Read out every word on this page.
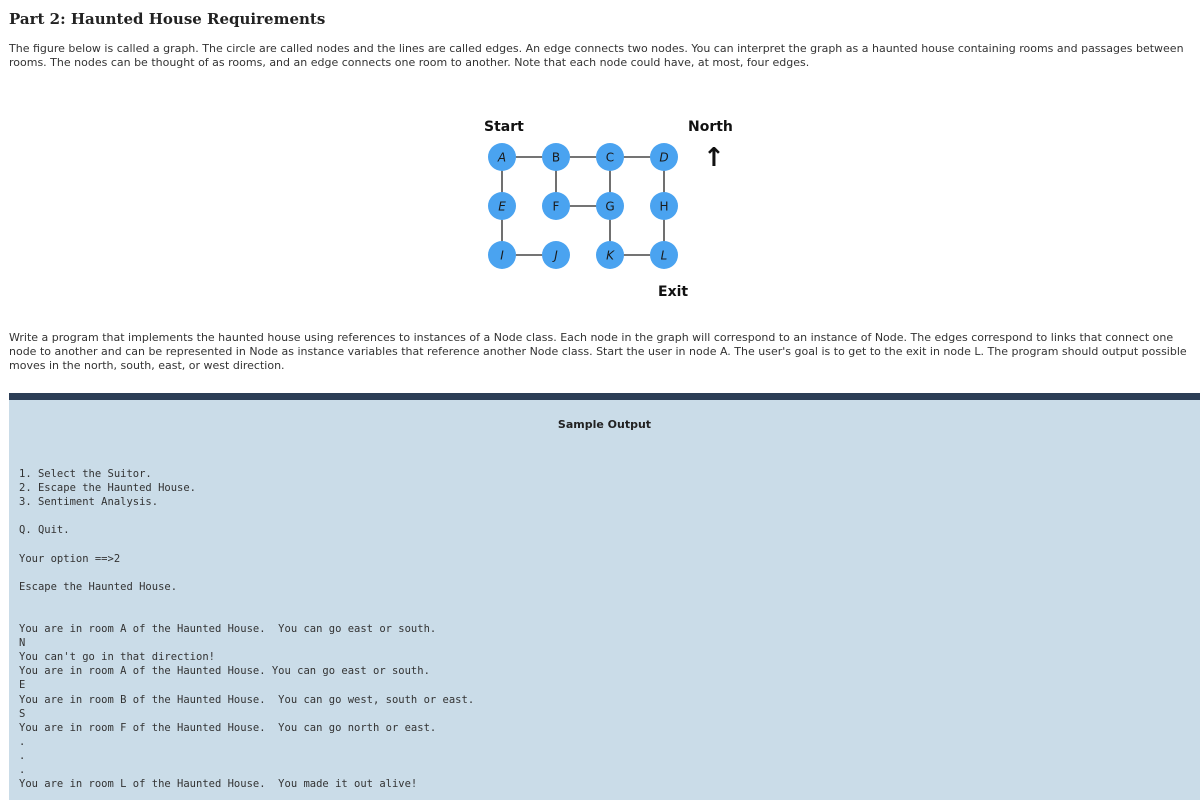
Part 2: Haunted House Requirements

The figure below is called a graph. The circle are called nodes and the lines are called edges. An edge connects two nodes. You can interpret the graph as a haunted house containing rooms and passages between rooms. The nodes can be thought of as rooms, and an edge connects one room to another. Note that each node could have, at most, four edges.

Start	North
↑
Exit
A	B	C	D
E	F	G	H
I	J	K	L

Write a program that implements the haunted house using references to instances of a Node class. Each node in the graph will correspond to an instance of Node. The edges correspond to links that connect one node to another and can be represented in Node as instance variables that reference another Node class. Start the user in node A. The user's goal is to get to the exit in node L. The program should output possible moves in the north, south, east, or west direction.

Sample Output
1. Select the Suitor.
2. Escape the Haunted House.
3. Sentiment Analysis.
Q. Quit.
Your option ==>2
Escape the Haunted House.
You are in room A of the Haunted House.  You can go east or south.
N
You can't go in that direction!
You are in room A of the Haunted House. You can go east or south.
E
You are in room B of the Haunted House.  You can go west, south or east.
S
You are in room F of the Haunted House.  You can go north or east.
.
.
.
You are in room L of the Haunted House.  You made it out alive!
